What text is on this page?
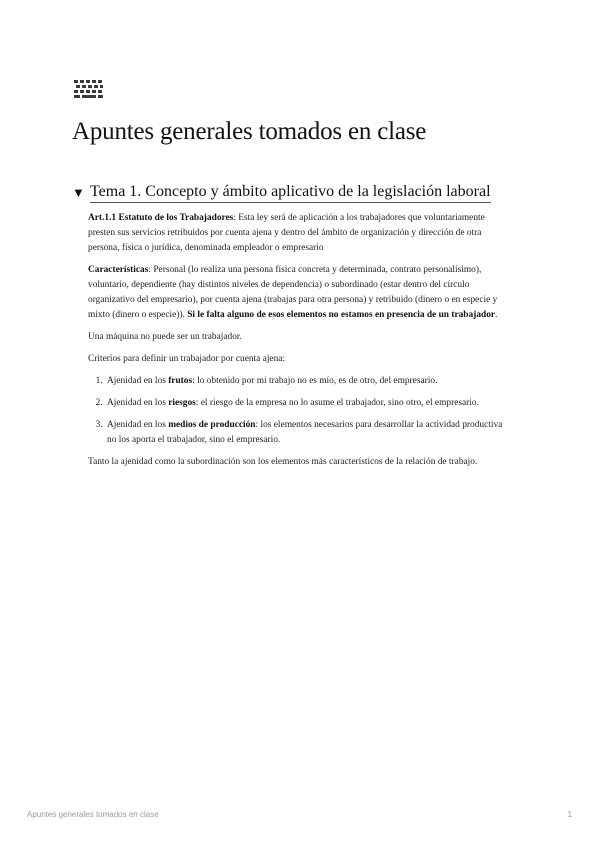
Apuntes generales tomados en clase
▼ Tema 1. Concepto y ámbito aplicativo de la legislación laboral

Art.1.1 Estatuto de los Trabajadores: Esta ley será de aplicación a los trabajadores que voluntariamente presten sus servicios retribuidos por cuenta ajena y dentro del ámbito de organización y dirección de otra persona, física o jurídica, denominada empleador o empresario

Características: Personal (lo realiza una persona física concreta y determinada, contrato personalísimo), voluntario, dependiente (hay distintos niveles de dependencia) o subordinado (estar dentro del círculo organizativo del empresario), por cuenta ajena (trabajas para otra persona) y retribuido (dinero o en especie y mixto (dinero o especie)). Si le falta alguno de esos elementos no estamos en presencia de un trabajador.

Una máquina no puede ser un trabajador.

Criterios para definir un trabajador por cuenta ajena:

1. Ajenidad en los frutos: lo obtenido por mi trabajo no es mío, es de otro, del empresario.
2. Ajenidad en los riesgos: el riesgo de la empresa no lo asume el trabajador, sino otro, el empresario.
3. Ajenidad en los medios de producción: los elementos necesarios para desarrollar la actividad productiva no los aporta el trabajador, sino el empresario.

Tanto la ajenidad como la subordinación son los elementos más característicos de la relación de trabajo.

Apuntes generales tomados en clase	1
